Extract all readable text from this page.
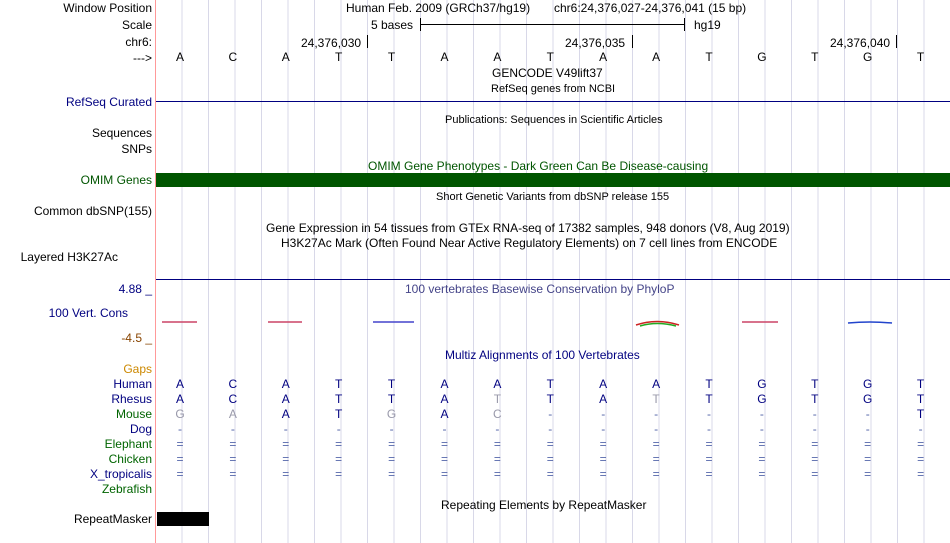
Window Position
Scale
chr6:
--->
Human Feb. 2009 (GRCh37/hg19) chr6:24,376,027-24,376,041 (15 bp)
5 bases	hg19
24,376,030	24,376,035	24,376,040
A	C	A	T	T	A	A	T	A	A	T	G	T	G	T
GENCODE V49lift37
RefSeq genes from NCBI
RefSeq Curated
Sequences
Publications: Sequences in Scientific Articles
SNPs
OMIM Gene Phenotypes - Dark Green Can Be Disease-causing
OMIM Genes
Short Genetic Variants from dbSNP release 155
Common dbSNP(155)
Gene Expression in 54 tissues from GTEx RNA-seq of 17382 samples, 948 donors (V8, Aug 2019)
H3K27Ac Mark (Often Found Near Active Regulatory Elements) on 7 cell lines from ENCODE
Layered H3K27Ac
100 vertebrates Basewise Conservation by PhyloP
4.88 _
100 Vert. Cons
-4.5 _
Multiz Alignments of 100 Vertebrates
Gaps
Human	A	C	A	T	T	A	A	T	A	A	T	G	T	G	T
Rhesus	A	C	A	T	T	A	T	T	A	T	T	G	T	G	T
Mouse	G	A	A	T	G	A	C	-	-	-	-	-	-	-	T
Dog	-	-	-	-	-	-	-	-	-	-	-	-	-	-	-
Elephant	=	=	=	=	=	=	=	=	=	=	=	=	=	=	=
Chicken	=	=	=	=	=	=	=	=	=	=	=	=	=	=	=
X_tropicalis	=	=	=	=	=	=	=	=	=	=	=	=	=	=	=
Zebrafish
Repeating Elements by RepeatMasker
RepeatMasker
